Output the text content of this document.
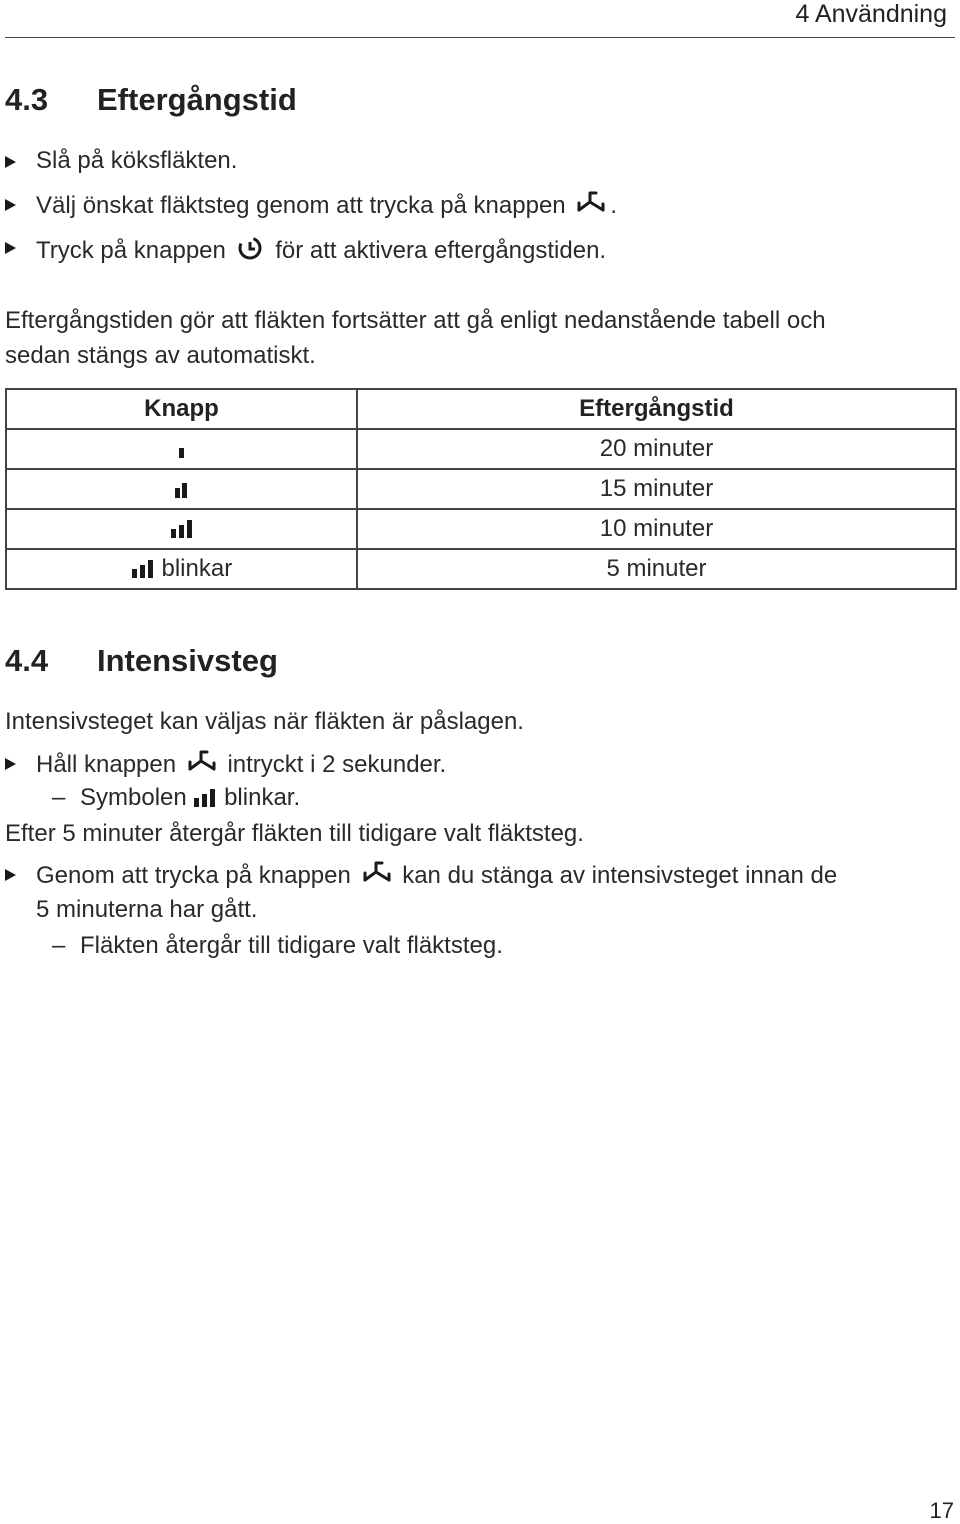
4 Användning
4.3 Eftergångstid
Slå på köksfläkten.
Välj önskat fläktsteg genom att trycka på knappen .
Tryck på knappen för att aktivera eftergångstiden.
Eftergångstiden gör att fläkten fortsätter att gå enligt nedanstående tabell och
sedan stängs av automatiskt.
Knapp	Eftergångstid
	20 minuter
	15 minuter
	10 minuter
blinkar	5 minuter
4.4 Intensivsteg
Intensivsteget kan väljas när fläkten är påslagen.
Håll knappen intryckt i 2 sekunder.
– Symbolen blinkar.
Efter 5 minuter återgår fläkten till tidigare valt fläktsteg.
Genom att trycka på knappen kan du stänga av intensivsteget innan de
5 minuterna har gått.
– Fläkten återgår till tidigare valt fläktsteg.
17
